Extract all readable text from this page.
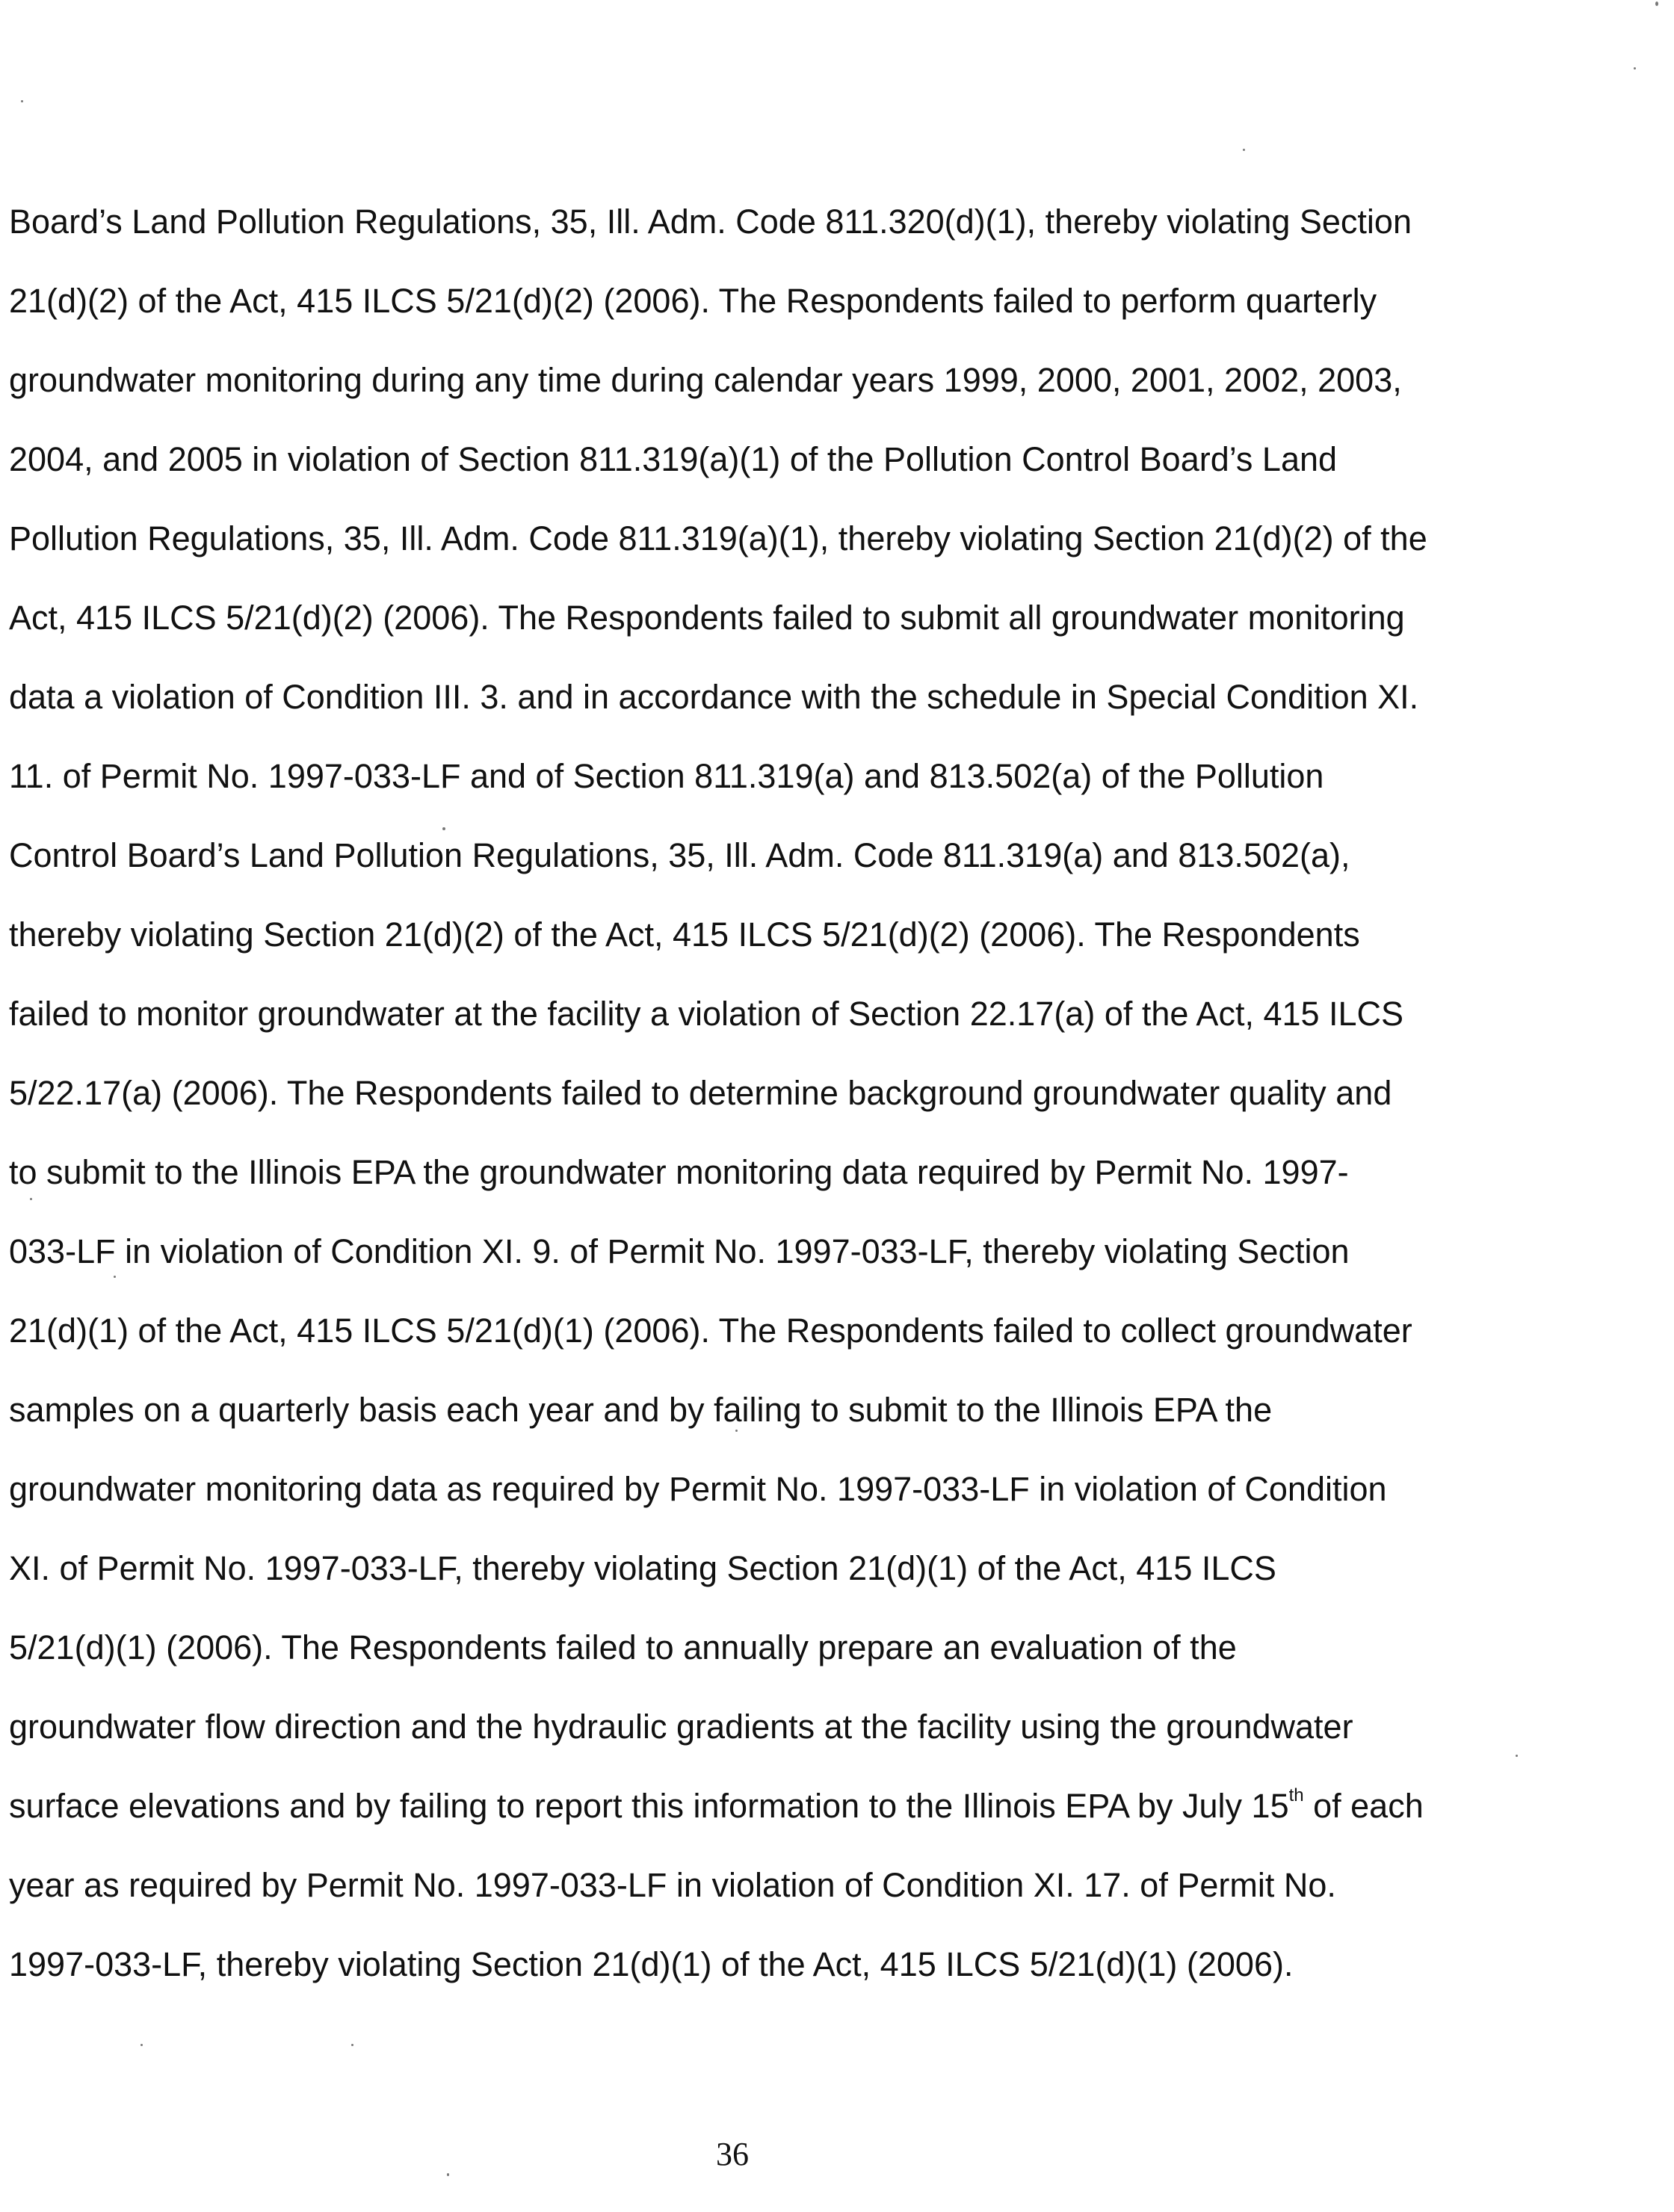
Board’s Land Pollution Regulations, 35, Ill. Adm. Code 811.320(d)(1), thereby violating Section
21(d)(2) of the Act, 415 ILCS 5/21(d)(2) (2006). The Respondents failed to perform quarterly
groundwater monitoring during any time during calendar years 1999, 2000, 2001, 2002, 2003,
2004, and 2005 in violation of Section 811.319(a)(1) of the Pollution Control Board’s Land
Pollution Regulations, 35, Ill. Adm. Code 811.319(a)(1), thereby violating Section 21(d)(2) of the
Act, 415 ILCS 5/21(d)(2) (2006). The Respondents failed to submit all groundwater monitoring
data a violation of Condition III. 3. and in accordance with the schedule in Special Condition XI.
11. of Permit No. 1997-033-LF and of Section 811.319(a) and 813.502(a) of the Pollution
Control Board’s Land Pollution Regulations, 35, Ill. Adm. Code 811.319(a) and 813.502(a),
thereby violating Section 21(d)(2) of the Act, 415 ILCS 5/21(d)(2) (2006). The Respondents
failed to monitor groundwater at the facility a violation of Section 22.17(a) of the Act, 415 ILCS
5/22.17(a) (2006). The Respondents failed to determine background groundwater quality and
to submit to the Illinois EPA the groundwater monitoring data required by Permit No. 1997-
033-LF in violation of Condition XI. 9. of Permit No. 1997-033-LF, thereby violating Section
21(d)(1) of the Act, 415 ILCS 5/21(d)(1) (2006). The Respondents failed to collect groundwater
samples on a quarterly basis each year and by failing to submit to the Illinois EPA the
groundwater monitoring data as required by Permit No. 1997-033-LF in violation of Condition
XI. of Permit No. 1997-033-LF, thereby violating Section 21(d)(1) of the Act, 415 ILCS
5/21(d)(1) (2006). The Respondents failed to annually prepare an evaluation of the
groundwater flow direction and the hydraulic gradients at the facility using the groundwater
surface elevations and by failing to report this information to the Illinois EPA by July 15th of each
year as required by Permit No. 1997-033-LF in violation of Condition XI. 17. of Permit No.
1997-033-LF, thereby violating Section 21(d)(1) of the Act, 415 ILCS 5/21(d)(1) (2006).
36
